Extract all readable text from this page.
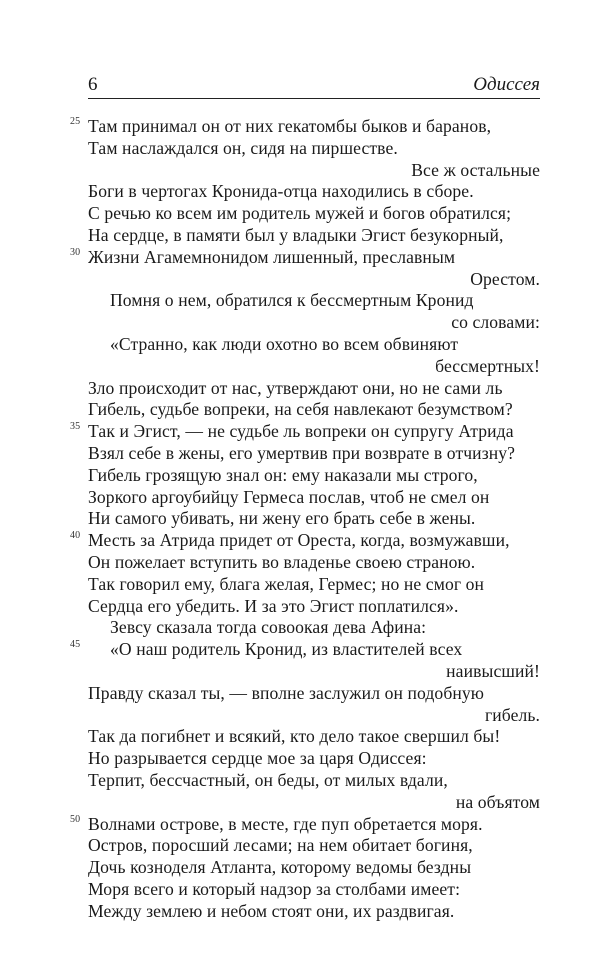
6	Одиссея
25 Там принимал он от них гекатомбы быков и баранов,
Там наслаждался он, сидя на пиршестве.
Все ж остальные
Боги в чертогах Кронида-отца находились в сборе.
С речью ко всем им родитель мужей и богов обратился;
На сердце, в памяти был у владыки Эгист безукорный,
30 Жизни Агамемнонидом лишенный, преславным
Орестом.
Помня о нем, обратился к бессмертным Кронид
со словами:
«Странно, как люди охотно во всем обвиняют
бессмертных!
Зло происходит от нас, утверждают они, но не сами ль
Гибель, судьбе вопреки, на себя навлекают безумством?
35 Так и Эгист, — не судьбе ль вопреки он супругу Атрида
Взял себе в жены, его умертвив при возврате в отчизну?
Гибель грозящую знал он: ему наказали мы строго,
Зоркого аргоубийцу Гермеса послав, чтоб не смел он
Ни самого убивать, ни жену его брать себе в жены.
40 Месть за Атрида придет от Ореста, когда, возмужавши,
Он пожелает вступить во владенье своею страною.
Так говорил ему, блага желая, Гермес; но не смог он
Сердца его убедить. И за это Эгист поплатился».
Зевсу сказала тогда совоокая дева Афина:
45 «О наш родитель Кронид, из властителей всех
наивысший!
Правду сказал ты, — вполне заслужил он подобную
гибель.
Так да погибнет и всякий, кто дело такое свершил бы!
Но разрывается сердце мое за царя Одиссея:
Терпит, бессчастный, он беды, от милых вдали,
на объятом
50 Волнами острове, в месте, где пуп обретается моря.
Остров, поросший лесами; на нем обитает богиня,
Дочь козноделя Атланта, которому ведомы бездны
Моря всего и который надзор за столбами имеет:
Между землею и небом стоят они, их раздвигая.
